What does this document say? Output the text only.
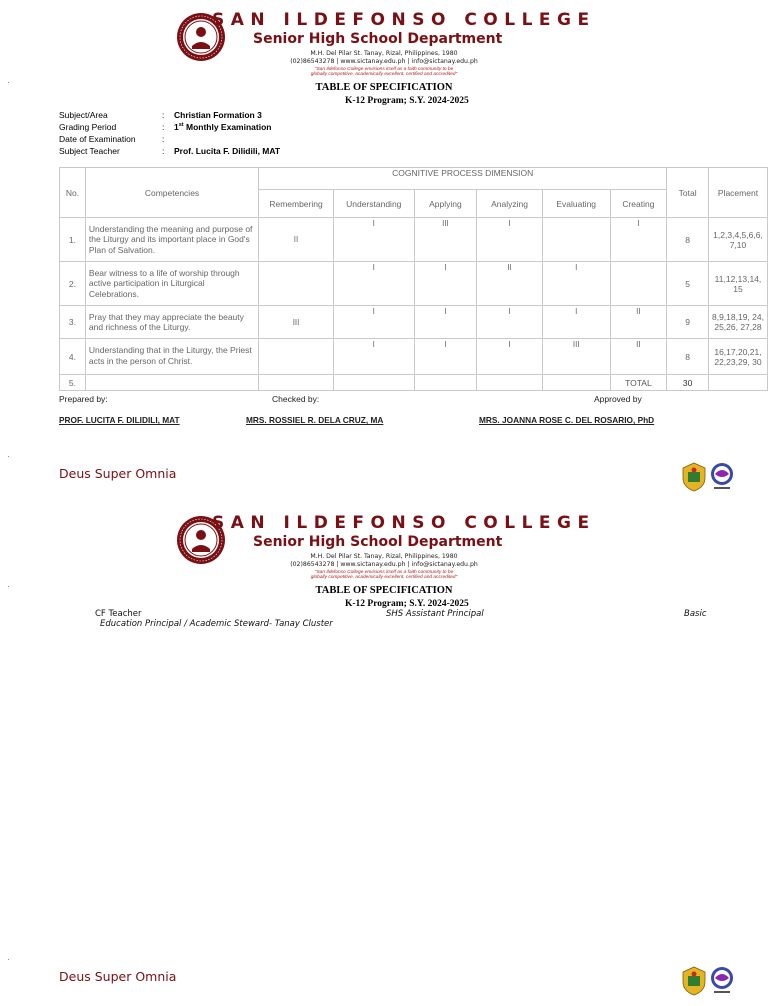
SAN ILDEFONSO COLLEGE
Senior High School Department
M.H. Del Pilar St. Tanay, Rizal, Philippines, 1980
(02)86543278 | www.sictanay.edu.ph | info@sictanay.edu.ph
"San Ildefonso College envisions itself as a faith community to be
globally competitive, academically excellent, certified and accredited"
TABLE OF SPECIFICATION
K-12 Program; S.Y. 2024-2025
·
Subject/Area	: Christian Formation 3
Grading Period	: 1st Monthly Examination
Date of Examination	:
Subject Teacher	: Prof. Lucita F. Dilidili, MAT
No.	Competencies	COGNITIVE PROCESS DIMENSION						Total	Placement
		Remembering	Understanding	Applying	Analyzing	Evaluating	Creating		
1.	Understanding the meaning and purpose of the Liturgy and its important place in God's Plan of Salvation.	II	I	III	I		I	8	1,2,3,4,5,6,6, 7,10
2.	Bear witness to a life of worship through active participation in Liturgical Celebrations.		I	I	II	I		5	11,12,13,14, 15
3.	Pray that they may appreciate the beauty and richness of the Liturgy.	III	I	I	I	I	II	9	8,9,18,19, 24, 25,26, 27,28
4.	Understanding that in the Liturgy, the Priest acts in the person of Christ.		I	I	I	III	II	8	16,17,20,21, 22,23,29, 30
5.							TOTAL	30	
Prepared by:	Checked by:	Approved by
PROF. LUCITA F. DILIDILI, MAT	MRS. ROSSIEL R. DELA CRUZ, MA	MRS. JOANNA ROSE C. DEL ROSARIO, PhD
·
Deus Super Omnia
SAN ILDEFONSO COLLEGE
Senior High School Department
M.H. Del Pilar St. Tanay, Rizal, Philippines, 1980
(02)86543278 | www.sictanay.edu.ph | info@sictanay.edu.ph
"San Ildefonso College envisions itself as a faith community to be
globally competitive, academically excellent, certified and accredited"
TABLE OF SPECIFICATION
K-12 Program; S.Y. 2024-2025
·
CF Teacher	SHS Assistant Principal	Basic
Education Principal / Academic Steward- Tanay Cluster
·
Deus Super Omnia
